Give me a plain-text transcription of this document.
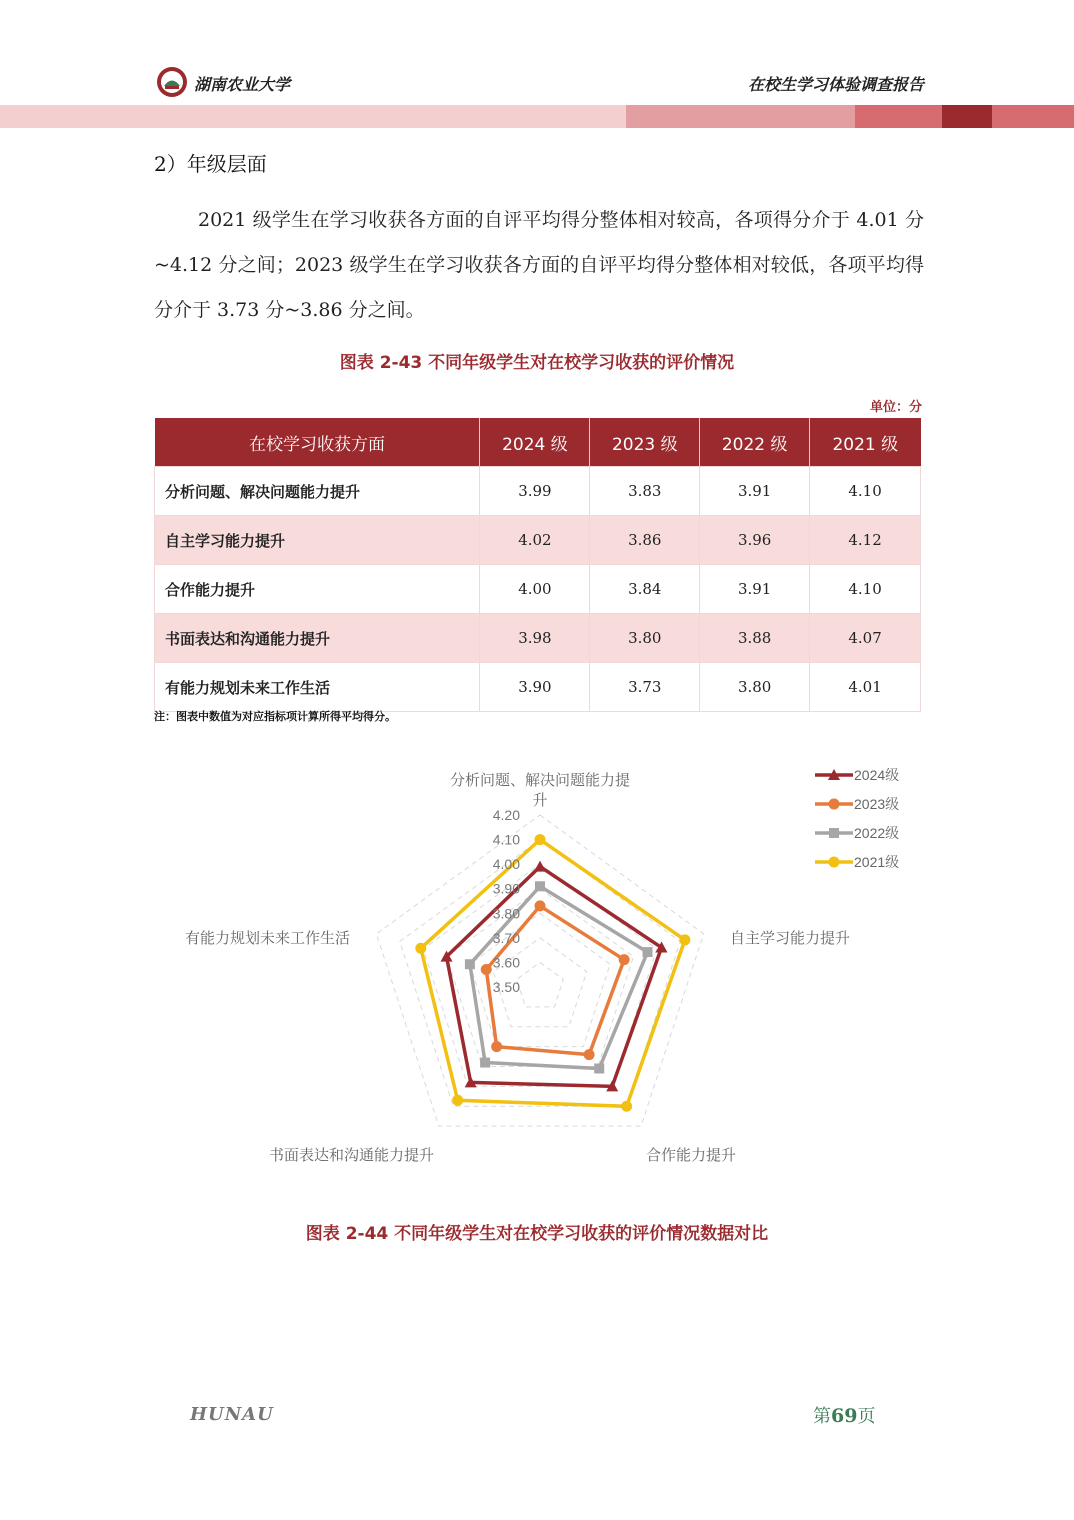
湖南农业大学	在校生学习体验调查报告
2）年级层面
2021 级学生在学习收获各方面的自评平均得分整体相对较高，各项得分介于 4.01 分~4.12 分之间；2023 级学生在学习收获各方面的自评平均得分整体相对较低，各项平均得分介于 3.73 分~3.86 分之间。
图表 2-43 不同年级学生对在校学习收获的评价情况
单位：分
在校学习收获方面	2024 级	2023 级	2022 级	2021 级
分析问题、解决问题能力提升	3.99	3.83	3.91	4.10
自主学习能力提升	4.02	3.86	3.96	4.12
合作能力提升	4.00	3.84	3.91	4.10
书面表达和沟通能力提升	3.98	3.80	3.88	4.07
有能力规划未来工作生活	3.90	3.73	3.80	4.01
注：图表中数值为对应指标项计算所得平均得分。
3.50
3.60
3.70
3.80
3.90
4.00
4.10
4.20
分析问题、解决问题能力提
升
自主学习能力提升
合作能力提升
书面表达和沟通能力提升
有能力规划未来工作生活
2024级
2023级
2022级
2021级
图表 2-44 不同年级学生对在校学习收获的评价情况数据对比
HUNAU	第69页
